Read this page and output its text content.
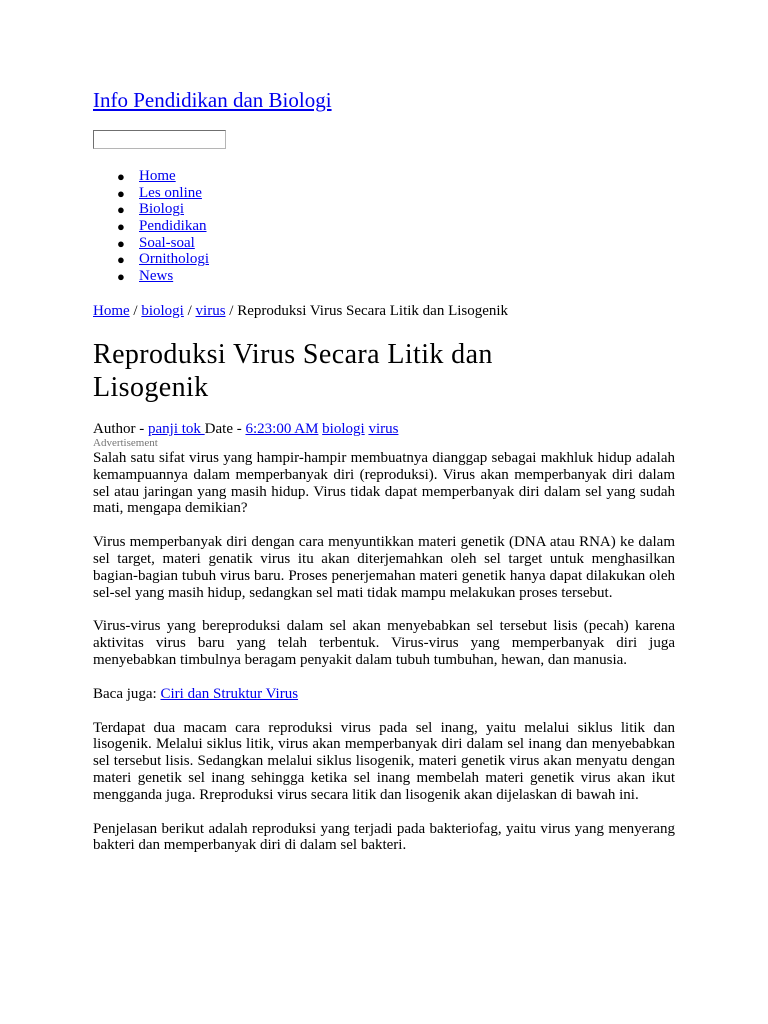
Info Pendidikan dan Biologi
● Home
● Les online
● Biologi
● Pendidikan
● Soal-soal
● Ornithologi
● News
Home / biologi / virus / Reproduksi Virus Secara Litik dan Lisogenik
Reproduksi Virus Secara Litik dan Lisogenik
Author - panji tok Date - 6:23:00 AM biologi virus
Advertisement

Salah satu sifat virus yang hampir-hampir membuatnya dianggap sebagai makhluk hidup adalah kemampuannya dalam memperbanyak diri (reproduksi). Virus akan memperbanyak diri dalam sel atau jaringan yang masih hidup. Virus tidak dapat memperbanyak diri dalam sel yang sudah mati, mengapa demikian?

Virus memperbanyak diri dengan cara menyuntikkan materi genetik (DNA atau RNA) ke dalam sel target, materi genatik virus itu akan diterjemahkan oleh sel target untuk menghasilkan bagian-bagian tubuh virus baru. Proses penerjemahan materi genetik hanya dapat dilakukan oleh sel-sel yang masih hidup, sedangkan sel mati tidak mampu melakukan proses tersebut.

Virus-virus yang bereproduksi dalam sel akan menyebabkan sel tersebut lisis (pecah) karena aktivitas virus baru yang telah terbentuk. Virus-virus yang memperbanyak diri juga menyebabkan timbulnya beragam penyakit dalam tubuh tumbuhan, hewan, dan manusia.

Baca juga: Ciri dan Struktur Virus

Terdapat dua macam cara reproduksi virus pada sel inang, yaitu melalui siklus litik dan lisogenik. Melalui siklus litik, virus akan memperbanyak diri dalam sel inang dan menyebabkan sel tersebut lisis. Sedangkan melalui siklus lisogenik, materi genetik virus akan menyatu dengan materi genetik sel inang sehingga ketika sel inang membelah materi genetik virus akan ikut mengganda juga. Rreproduksi virus secara litik dan lisogenik akan dijelaskan di bawah ini.

Penjelasan berikut adalah reproduksi yang terjadi pada bakteriofag, yaitu virus yang menyerang bakteri dan memperbanyak diri di dalam sel bakteri.
